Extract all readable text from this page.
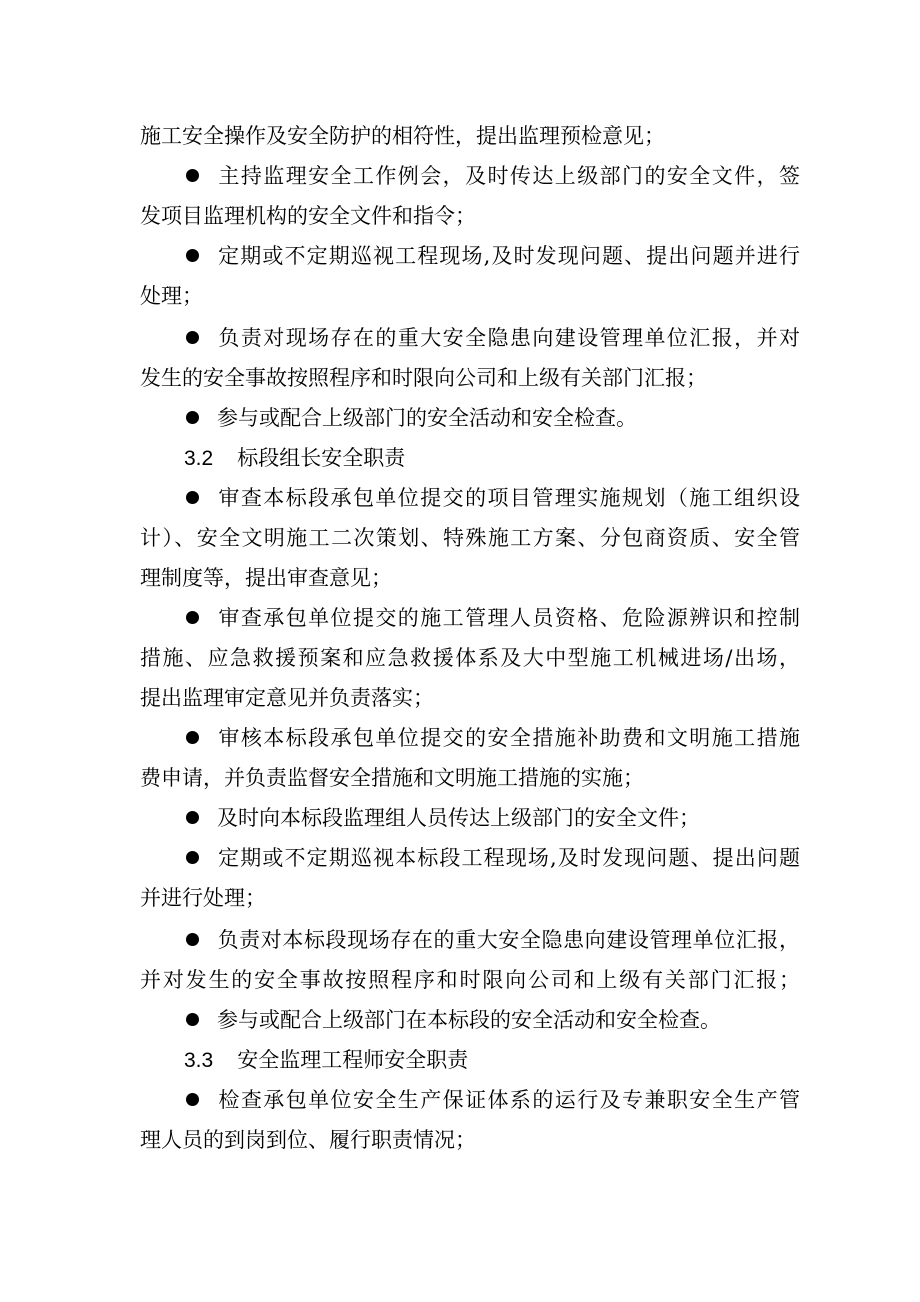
施工安全操作及安全防护的相符性，提出监理预检意见；
主持监理安全工作例会，及时传达上级部门的安全文件，签
发项目监理机构的安全文件和指令；
定期或不定期巡视工程现场,及时发现问题、提出问题并进行
处理；
负责对现场存在的重大安全隐患向建设管理单位汇报，并对
发生的安全事故按照程序和时限向公司和上级有关部门汇报；
参与或配合上级部门的安全活动和安全检查。
3.2 标段组长安全职责
审查本标段承包单位提交的项目管理实施规划（施工组织设
计）、安全文明施工二次策划、特殊施工方案、分包商资质、安全管
理制度等，提出审查意见；
审查承包单位提交的施工管理人员资格、危险源辨识和控制
措施、应急救援预案和应急救援体系及大中型施工机械进场/出场，
提出监理审定意见并负责落实；
审核本标段承包单位提交的安全措施补助费和文明施工措施
费申请，并负责监督安全措施和文明施工措施的实施；
及时向本标段监理组人员传达上级部门的安全文件；
定期或不定期巡视本标段工程现场,及时发现问题、提出问题
并进行处理；
负责对本标段现场存在的重大安全隐患向建设管理单位汇报，
并对发生的安全事故按照程序和时限向公司和上级有关部门汇报；
参与或配合上级部门在本标段的安全活动和安全检查。
3.3 安全监理工程师安全职责
检查承包单位安全生产保证体系的运行及专兼职安全生产管
理人员的到岗到位、履行职责情况；
